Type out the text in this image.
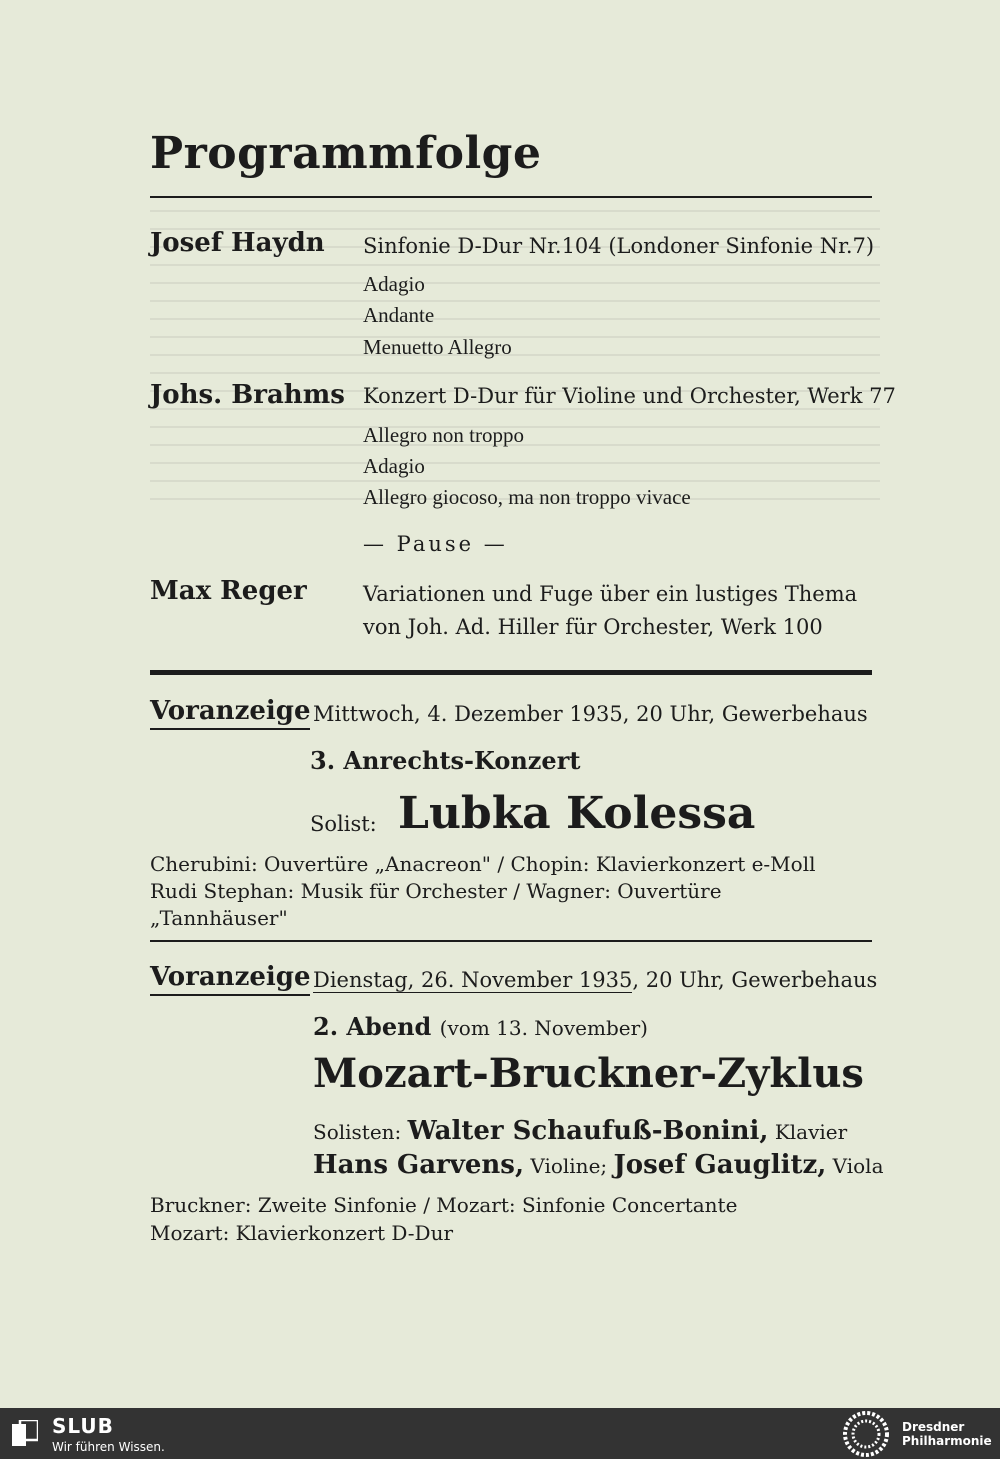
Programmfolge
Josef Haydn Sinfonie D-Dur Nr.104 (Londoner Sinfonie Nr.7)
Adagio
Andante
Menuetto Allegro
Johs. Brahms Konzert D-Dur für Violine und Orchester, Werk 77
Allegro non troppo
Adagio
Allegro giocoso, ma non troppo vivace
— Pause —
Max Reger	Variationen und Fuge über ein lustiges Thema
von Joh. Ad. Hiller für Orchester, Werk 100
Voranzeige Mittwoch, 4. Dezember 1935, 20 Uhr, Gewerbehaus
3. Anrechts-Konzert
Solist: Lubka Kolessa
Cherubini: Ouvertüre „Anacreon" / Chopin: Klavierkonzert e-Moll
Rudi Stephan: Musik für Orchester / Wagner: Ouvertüre
„Tannhäuser"
Voranzeige Dienstag, 26. November 1935, 20 Uhr, Gewerbehaus
2. Abend (vom 13. November)
Mozart-Bruckner-Zyklus
Solisten: Walter Schaufuß-Bonini, Klavier
Hans Garvens, Violine; Josef Gauglitz, Viola
Bruckner: Zweite Sinfonie / Mozart: Sinfonie Concertante
Mozart: Klavierkonzert D-Dur
SLUB
Wir führen Wissen.
Dresdner
Philharmonie
